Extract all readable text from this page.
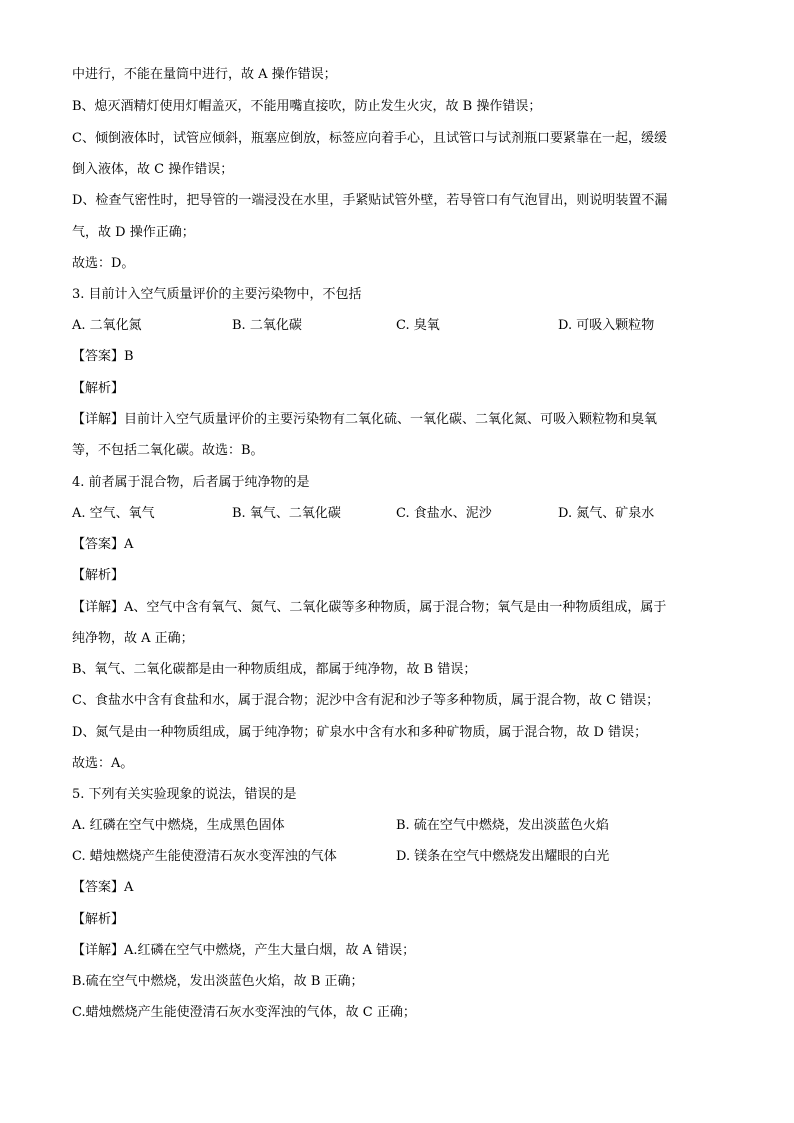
中进行，不能在量筒中进行，故 A 操作错误；
B、熄灭酒精灯使用灯帽盖灭，不能用嘴直接吹，防止发生火灾，故 B 操作错误；
C、倾倒液体时，试管应倾斜，瓶塞应倒放，标签应向着手心，且试管口与试剂瓶口要紧靠在一起，缓缓
倒入液体，故 C 操作错误；
D、检查气密性时，把导管的一端浸没在水里，手紧贴试管外壁，若导管口有气泡冒出，则说明装置不漏
气，故 D 操作正确；
故选：D。
3. 目前计入空气质量评价的主要污染物中，不包括
A. 二氧化氮	B. 二氧化碳	C. 臭氧	D. 可吸入颗粒物
【答案】B
【解析】
【详解】目前计入空气质量评价的主要污染物有二氧化硫、一氧化碳、二氧化氮、可吸入颗粒物和臭氧
等，不包括二氧化碳。故选：B。
4. 前者属于混合物，后者属于纯净物的是
A. 空气、氧气	B. 氧气、二氧化碳	C. 食盐水、泥沙	D. 氮气、矿泉水
【答案】A
【解析】
【详解】A、空气中含有氧气、氮气、二氧化碳等多种物质，属于混合物；氧气是由一种物质组成，属于
纯净物，故 A 正确；
B、氧气、二氧化碳都是由一种物质组成，都属于纯净物，故 B 错误；
C、食盐水中含有食盐和水，属于混合物；泥沙中含有泥和沙子等多种物质，属于混合物，故 C 错误；
D、氮气是由一种物质组成，属于纯净物；矿泉水中含有水和多种矿物质，属于混合物，故 D 错误；
故选：A。
5. 下列有关实验现象的说法，错误的是
A. 红磷在空气中燃烧，生成黑色固体	B. 硫在空气中燃烧，发出淡蓝色火焰
C. 蜡烛燃烧产生能使澄清石灰水变浑浊的气体	D. 镁条在空气中燃烧发出耀眼的白光
【答案】A
【解析】
【详解】A.红磷在空气中燃烧，产生大量白烟，故 A 错误；
B.硫在空气中燃烧，发出淡蓝色火焰，故 B 正确；
C.蜡烛燃烧产生能使澄清石灰水变浑浊的气体，故 C 正确；
